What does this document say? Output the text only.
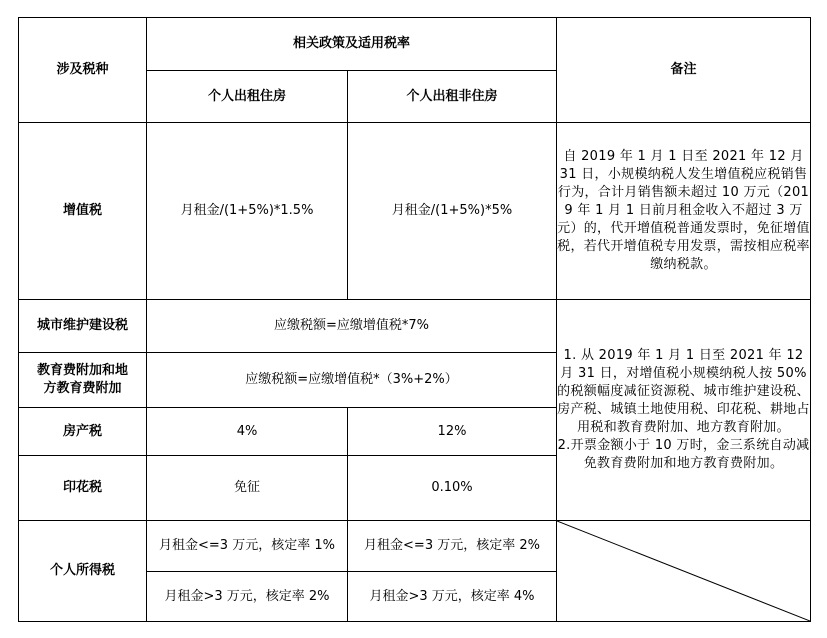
涉及税种	相关政策及适用税率		备注
	个人出租住房	个人出租非住房	
增值税	月租金/(1+5%)*1.5%	月租金/(1+5%)*5%	自 2019 年 1 月 1 日至 2021 年 12 月 31 日，小规模纳税人发生增值税应税销售行为，合计月销售额未超过 10 万元（2019 年 1 月 1 日前月租金收入不超过 3 万元）的，代开增值税普通发票时，免征增值税，若代开增值税专用发票，需按相应税率缴纳税款。
城市维护建设税	应缴税额=应缴增值税*7%		1. 从 2019 年 1 月 1 日至 2021 年 12 月 31 日，对增值税小规模纳税人按 50%的税额幅度减征资源税、城市维护建设税、房产税、城镇土地使用税、印花税、耕地占用税和教育费附加、地方教育附加。
2.开票金额小于 10 万时，金三系统自动减免教育费附加和地方教育费附加。

教育费附加和地
方教育费附加	应缴税额=应缴增值税*（3%+2%）		
房产税	4%	12%	
印花税	免征	0.10%	
个人所得税	月租金<=3 万元，核定率 1%	月租金<=3 万元，核定率 2%	

	月租金>3 万元，核定率 2%	月租金>3 万元，核定率 4%	
